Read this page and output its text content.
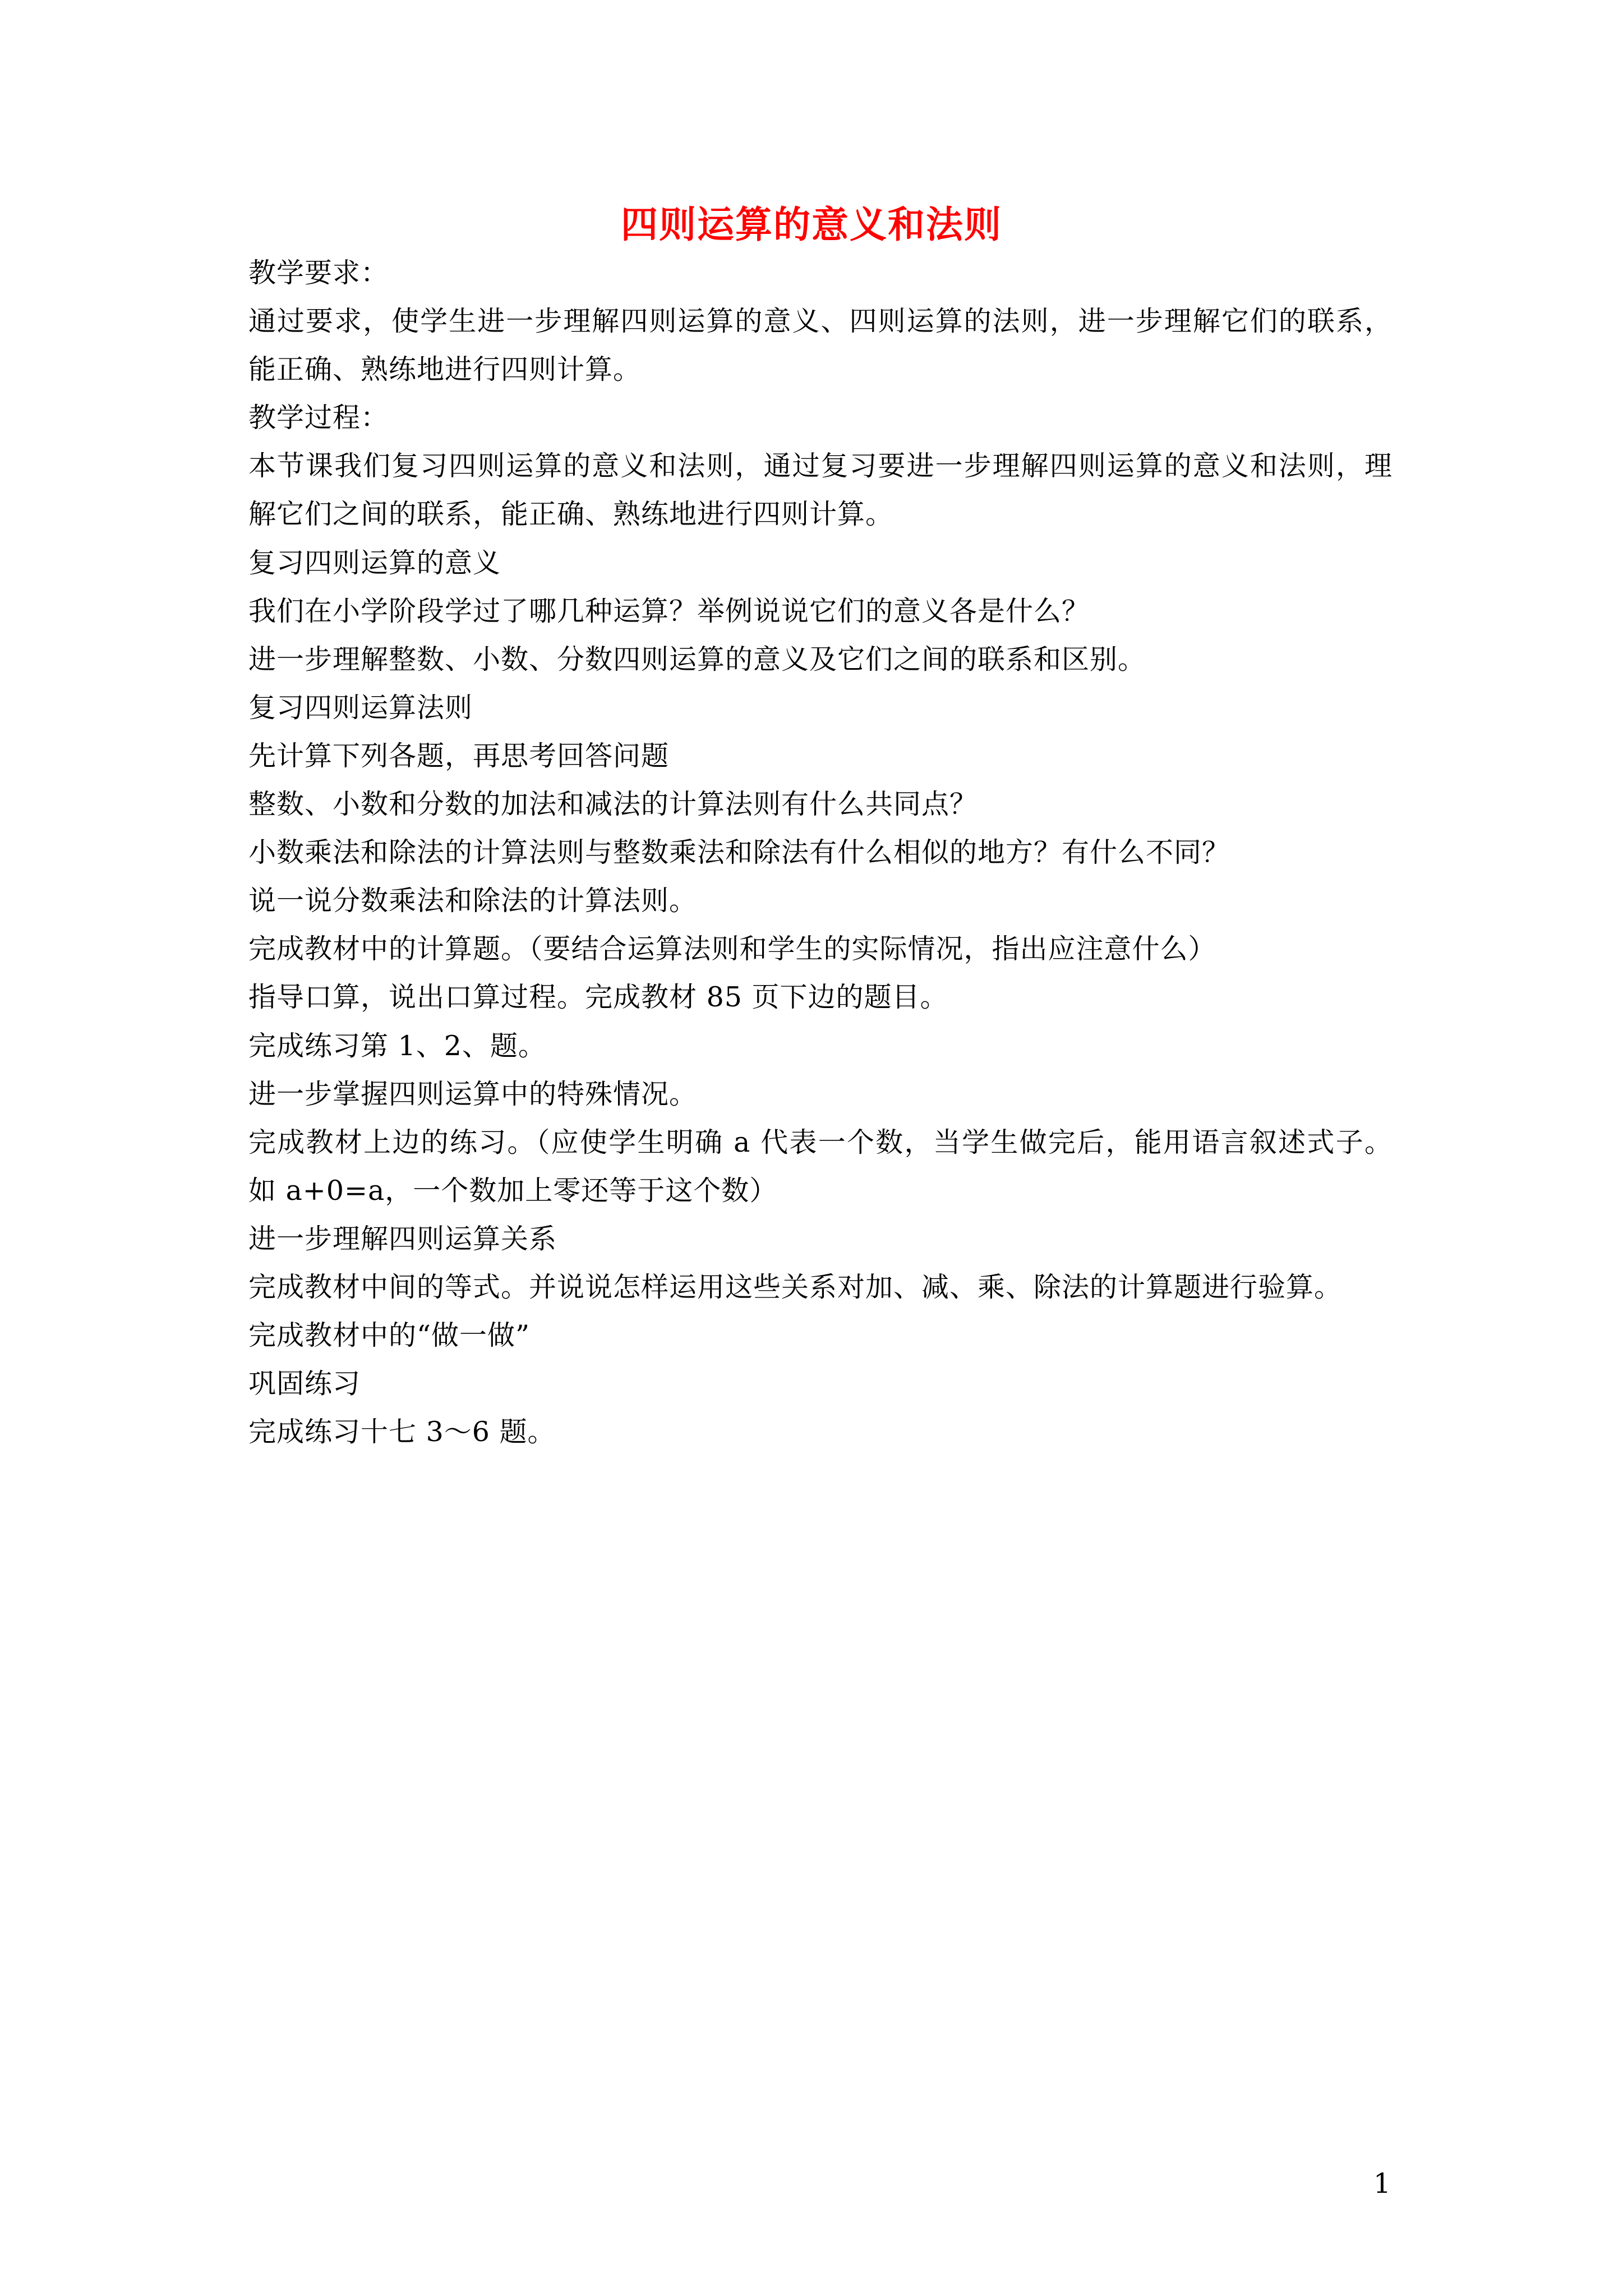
四则运算的意义和法则
教学要求：
通过要求，使学生进一步理解四则运算的意义、四则运算的法则，进一步理解它们的联系，
能正确、熟练地进行四则计算。
教学过程：
本节课我们复习四则运算的意义和法则，通过复习要进一步理解四则运算的意义和法则，理
解它们之间的联系，能正确、熟练地进行四则计算。
复习四则运算的意义
我们在小学阶段学过了哪几种运算？举例说说它们的意义各是什么？
进一步理解整数、小数、分数四则运算的意义及它们之间的联系和区别。
复习四则运算法则
先计算下列各题，再思考回答问题
整数、小数和分数的加法和减法的计算法则有什么共同点？
小数乘法和除法的计算法则与整数乘法和除法有什么相似的地方？有什么不同？
说一说分数乘法和除法的计算法则。
完成教材中的计算题。（要结合运算法则和学生的实际情况，指出应注意什么）
指导口算，说出口算过程。完成教材 85 页下边的题目。
完成练习第 1、2、题。
进一步掌握四则运算中的特殊情况。
完成教材上边的练习。（应使学生明确 a 代表一个数，当学生做完后，能用语言叙述式子。
如 a+0=a，一个数加上零还等于这个数）
进一步理解四则运算关系
完成教材中间的等式。并说说怎样运用这些关系对加、减、乘、除法的计算题进行验算。
完成教材中的“做一做”
巩固练习
完成练习十七 3～6 题。
1
